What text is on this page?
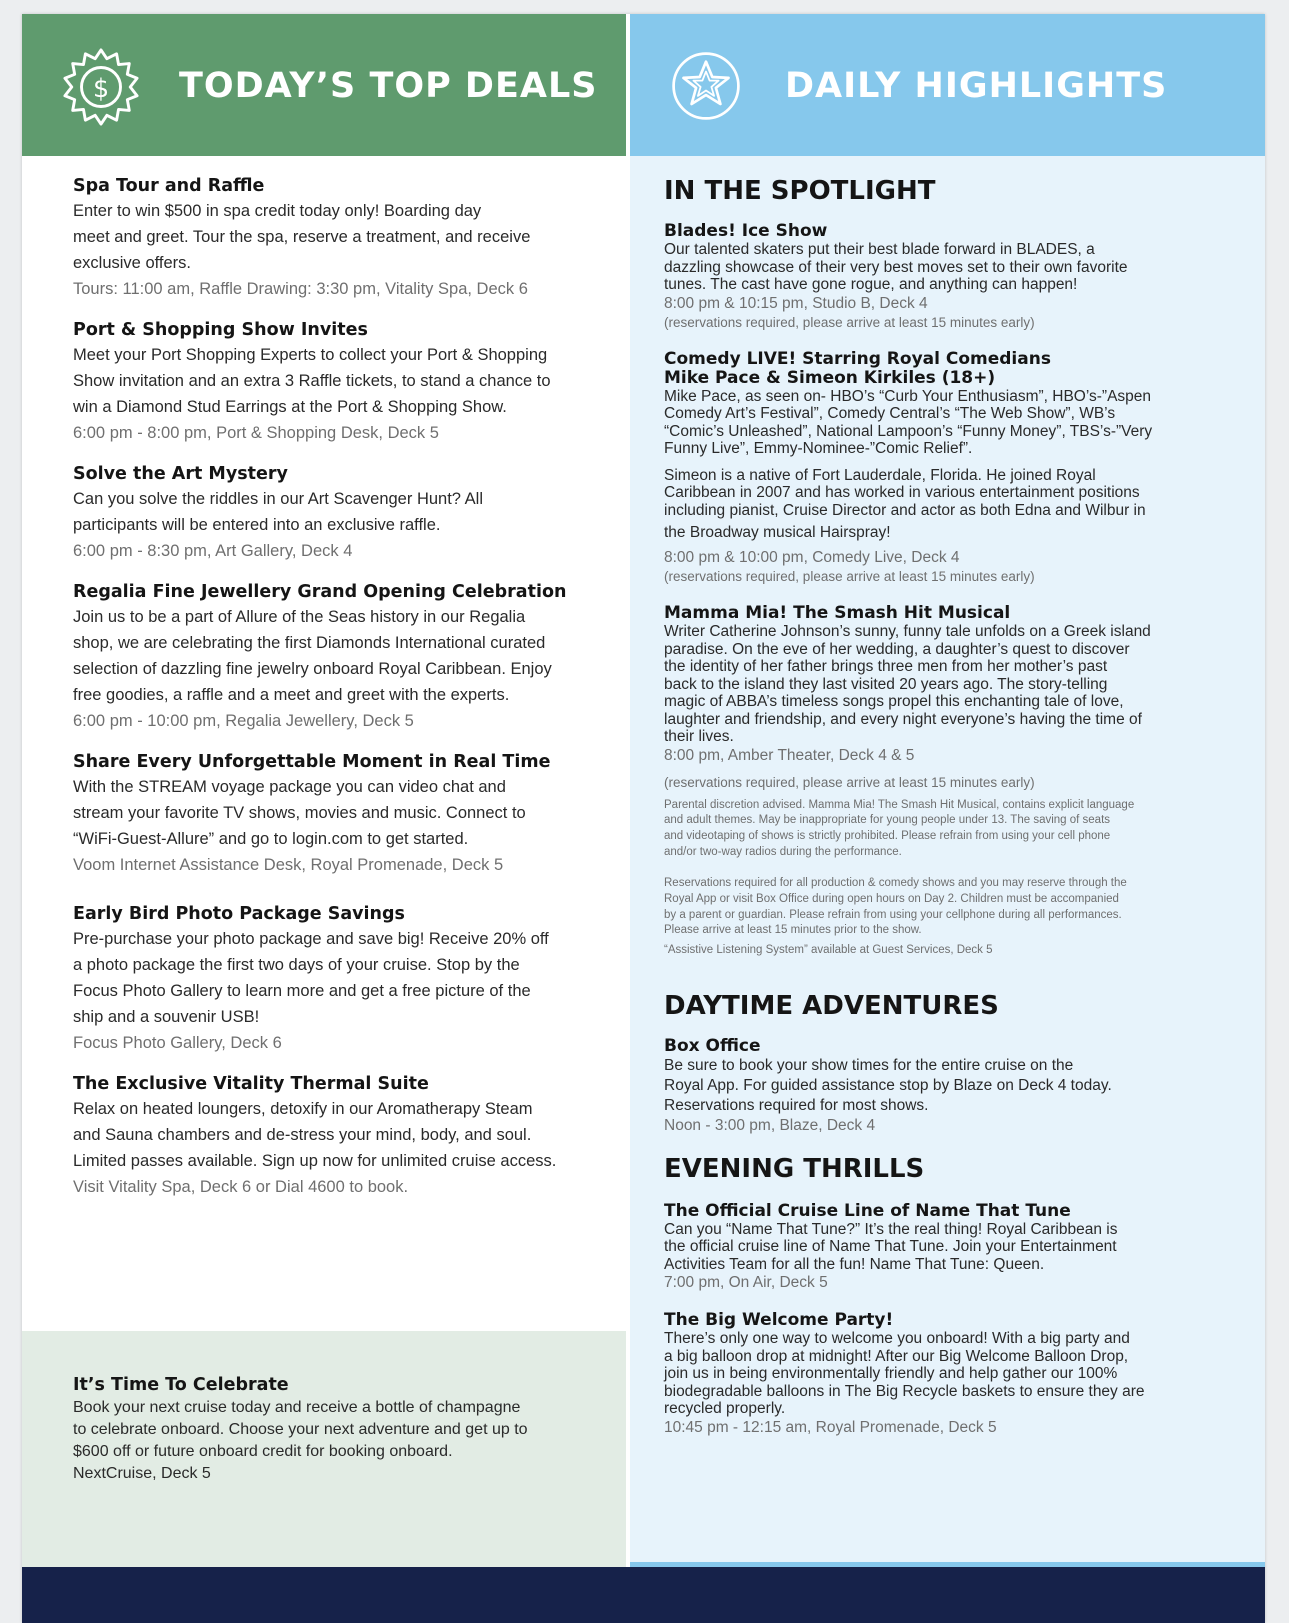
$ TODAY’S TOP DEALS
Spa Tour and Raffle
Enter to win $500 in spa credit today only! Boarding day
meet and greet. Tour the spa, reserve a treatment, and receive
exclusive offers.
Tours: 11:00 am, Raffle Drawing: 3:30 pm, Vitality Spa, Deck 6
Port & Shopping Show Invites
Meet your Port Shopping Experts to collect your Port & Shopping
Show invitation and an extra 3 Raffle tickets, to stand a chance to
win a Diamond Stud Earrings at the Port & Shopping Show.
6:00 pm - 8:00 pm, Port & Shopping Desk, Deck 5
Solve the Art Mystery
Can you solve the riddles in our Art Scavenger Hunt? All
participants will be entered into an exclusive raffle.
6:00 pm - 8:30 pm, Art Gallery, Deck 4
Regalia Fine Jewellery Grand Opening Celebration
Join us to be a part of Allure of the Seas history in our Regalia
shop, we are celebrating the first Diamonds International curated
selection of dazzling fine jewelry onboard Royal Caribbean. Enjoy
free goodies, a raffle and a meet and greet with the experts.
6:00 pm - 10:00 pm, Regalia Jewellery, Deck 5
Share Every Unforgettable Moment in Real Time
With the STREAM voyage package you can video chat and
stream your favorite TV shows, movies and music. Connect to
“WiFi-Guest-Allure” and go to login.com to get started.
Voom Internet Assistance Desk, Royal Promenade, Deck 5
Early Bird Photo Package Savings
Pre-purchase your photo package and save big! Receive 20% off
a photo package the first two days of your cruise. Stop by the
Focus Photo Gallery to learn more and get a free picture of the
ship and a souvenir USB!
Focus Photo Gallery, Deck 6
The Exclusive Vitality Thermal Suite
Relax on heated loungers, detoxify in our Aromatherapy Steam
and Sauna chambers and de-stress your mind, body, and soul.
Limited passes available. Sign up now for unlimited cruise access.
Visit Vitality Spa, Deck 6 or Dial 4600 to book.
It’s Time To Celebrate
Book your next cruise today and receive a bottle of champagne
to celebrate onboard. Choose your next adventure and get up to
$600 off or future onboard credit for booking onboard.
NextCruise, Deck 5
DAILY HIGHLIGHTS
IN THE SPOTLIGHT
Blades! Ice Show
Our talented skaters put their best blade forward in BLADES, a
dazzling showcase of their very best moves set to their own favorite
tunes. The cast have gone rogue, and anything can happen!
8:00 pm & 10:15 pm, Studio B, Deck 4
(reservations required, please arrive at least 15 minutes early)
Comedy LIVE! Starring Royal Comedians
Mike Pace & Simeon Kirkiles (18+)
Mike Pace, as seen on- HBO’s “Curb Your Enthusiasm”, HBO’s-”Aspen
Comedy Art’s Festival”, Comedy Central’s “The Web Show”, WB’s
“Comic’s Unleashed”, National Lampoon’s “Funny Money”, TBS’s-”Very
Funny Live”, Emmy-Nominee-”Comic Relief”.
Simeon is a native of Fort Lauderdale, Florida. He joined Royal
Caribbean in 2007 and has worked in various entertainment positions
including pianist, Cruise Director and actor as both Edna and Wilbur in
the Broadway musical Hairspray!
8:00 pm & 10:00 pm, Comedy Live, Deck 4
(reservations required, please arrive at least 15 minutes early)
Mamma Mia! The Smash Hit Musical
Writer Catherine Johnson’s sunny, funny tale unfolds on a Greek island
paradise. On the eve of her wedding, a daughter’s quest to discover
the identity of her father brings three men from her mother’s past
back to the island they last visited 20 years ago. The story-telling
magic of ABBA’s timeless songs propel this enchanting tale of love,
laughter and friendship, and every night everyone’s having the time of
their lives.
8:00 pm, Amber Theater, Deck 4 & 5
(reservations required, please arrive at least 15 minutes early)
Parental discretion advised. Mamma Mia! The Smash Hit Musical, contains explicit language
and adult themes. May be inappropriate for young people under 13. The saving of seats
and videotaping of shows is strictly prohibited. Please refrain from using your cell phone
and/or two-way radios during the performance.
Reservations required for all production & comedy shows and you may reserve through the
Royal App or visit Box Office during open hours on Day 2. Children must be accompanied
by a parent or guardian. Please refrain from using your cellphone during all performances.
Please arrive at least 15 minutes prior to the show.
“Assistive Listening System” available at Guest Services, Deck 5
DAYTIME ADVENTURES
Box Office
Be sure to book your show times for the entire cruise on the
Royal App. For guided assistance stop by Blaze on Deck 4 today.
Reservations required for most shows.
Noon - 3:00 pm, Blaze, Deck 4
EVENING THRILLS
The Official Cruise Line of Name That Tune
Can you “Name That Tune?” It’s the real thing! Royal Caribbean is
the official cruise line of Name That Tune. Join your Entertainment
Activities Team for all the fun! Name That Tune: Queen.
7:00 pm, On Air, Deck 5
The Big Welcome Party!
There’s only one way to welcome you onboard! With a big party and
a big balloon drop at midnight! After our Big Welcome Balloon Drop,
join us in being environmentally friendly and help gather our 100%
biodegradable balloons in The Big Recycle baskets to ensure they are
recycled properly.
10:45 pm - 12:15 am, Royal Promenade, Deck 5
